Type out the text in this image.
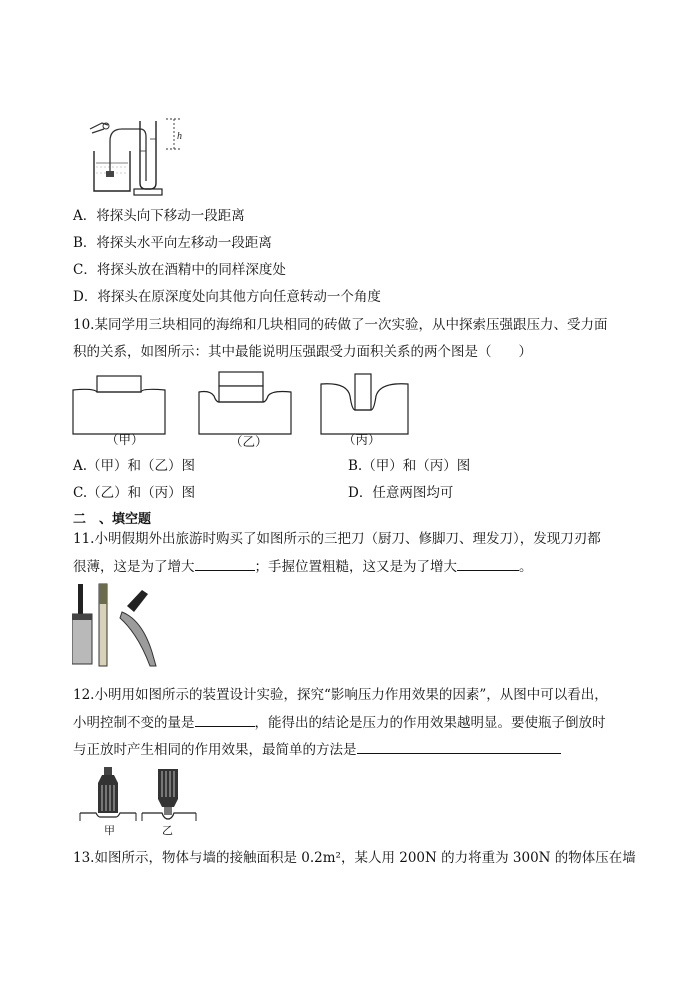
h
A．将探头向下移动一段距离
B．将探头水平向左移动一段距离
C．将探头放在酒精中的同样深度处
D．将探头在原深度处向其他方向任意转动一个角度
10.某同学用三块相同的海绵和几块相同的砖做了一次实验，从中探索压强跟压力、受力面
积的关系，如图所示：其中最能说明压强跟受力面积关系的两个图是（　　）
（甲）	（乙）	（丙）
A.（甲）和（乙）图	B.（甲）和（丙）图
C.（乙）和（丙）图	D．任意两图均可
二　、填空题
11.小明假期外出旅游时购买了如图所示的三把刀（厨刀、修脚刀、理发刀），发现刀刃都
很薄，这是为了增大	；手握位置粗糙，这又是为了增大	。
12.小明用如图所示的装置设计实验，探究“影响压力作用效果的因素”，从图中可以看出，
小明控制不变的量是	，能得出的结论是压力的作用效果越明显。要使瓶子倒放时
与正放时产生相同的作用效果，最简单的方法是
甲	乙
13.如图所示，物体与墙的接触面积是 0.2m²，某人用 200N 的力将重为 300N 的物体压在墙
